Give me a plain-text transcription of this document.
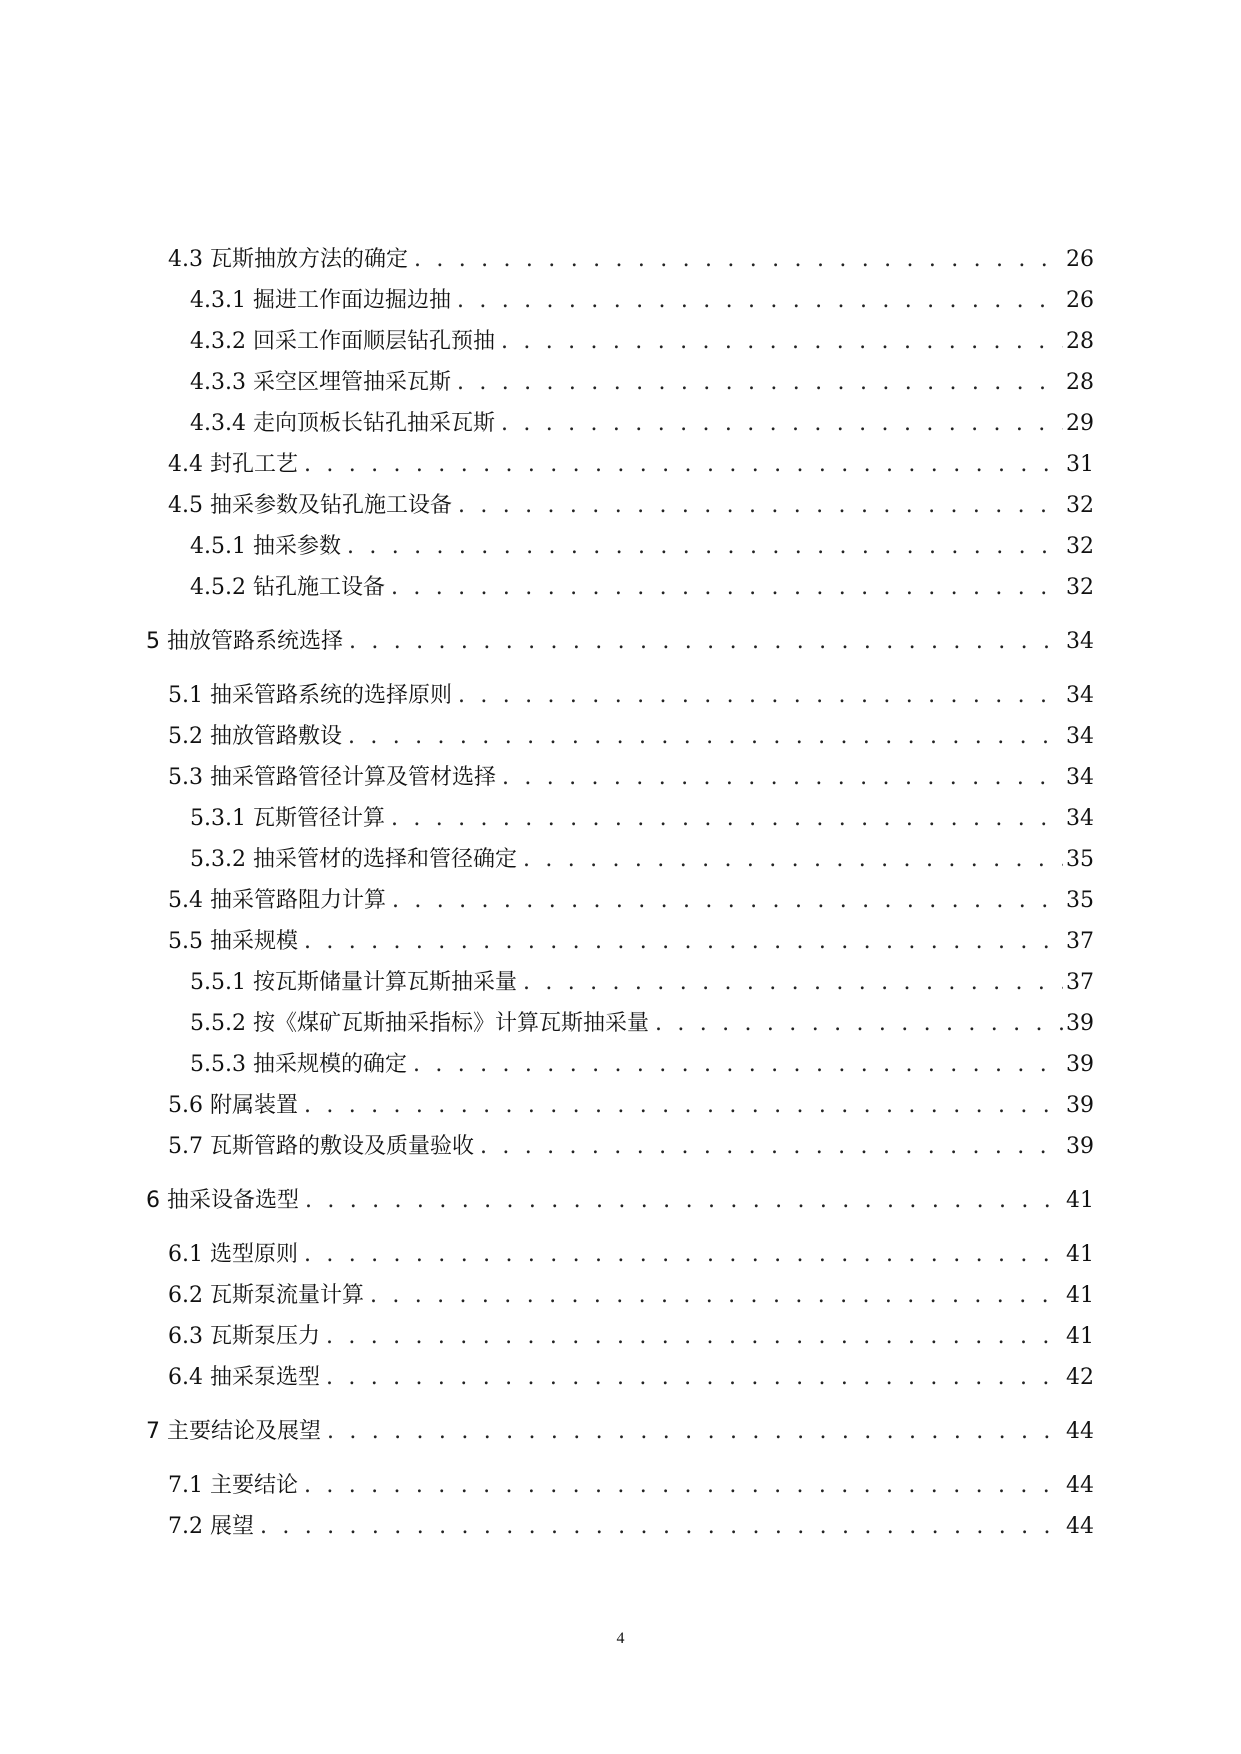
4.3 瓦斯抽放方法的确定 . . .	26
4.3.1 掘进工作面边掘边抽 . . .	26
4.3.2 回采工作面顺层钻孔预抽 . . .	28
4.3.3 采空区埋管抽采瓦斯 . . .	28
4.3.4 走向顶板长钻孔抽采瓦斯 . . .	29
4.4 封孔工艺 . . .	31
4.5 抽采参数及钻孔施工设备 . . .	32
4.5.1 抽采参数 . . .	32
4.5.2 钻孔施工设备 . . .	32
5 抽放管路系统选择 . . .	34
5.1 抽采管路系统的选择原则 . . .	34
5.2 抽放管路敷设 . . .	34
5.3 抽采管路管径计算及管材选择 . . .	34
5.3.1 瓦斯管径计算 . . .	34
5.3.2 抽采管材的选择和管径确定 . . .	35
5.4 抽采管路阻力计算 . . .	35
5.5 抽采规模 . . .	37
5.5.1 按瓦斯储量计算瓦斯抽采量 . . .	37
5.5.2 按《煤矿瓦斯抽采指标》计算瓦斯抽采量 . . .	39
5.5.3 抽采规模的确定 . . .	39
5.6 附属装置 . . .	39
5.7 瓦斯管路的敷设及质量验收 . . .	39
6 抽采设备选型 . . .	41
6.1 选型原则 . . .	41
6.2 瓦斯泵流量计算 . . .	41
6.3 瓦斯泵压力 . . .	41
6.4 抽采泵选型 . . .	42
7 主要结论及展望 . . .	44
7.1 主要结论 . . .	44
7.2 展望 . . .	44
4
